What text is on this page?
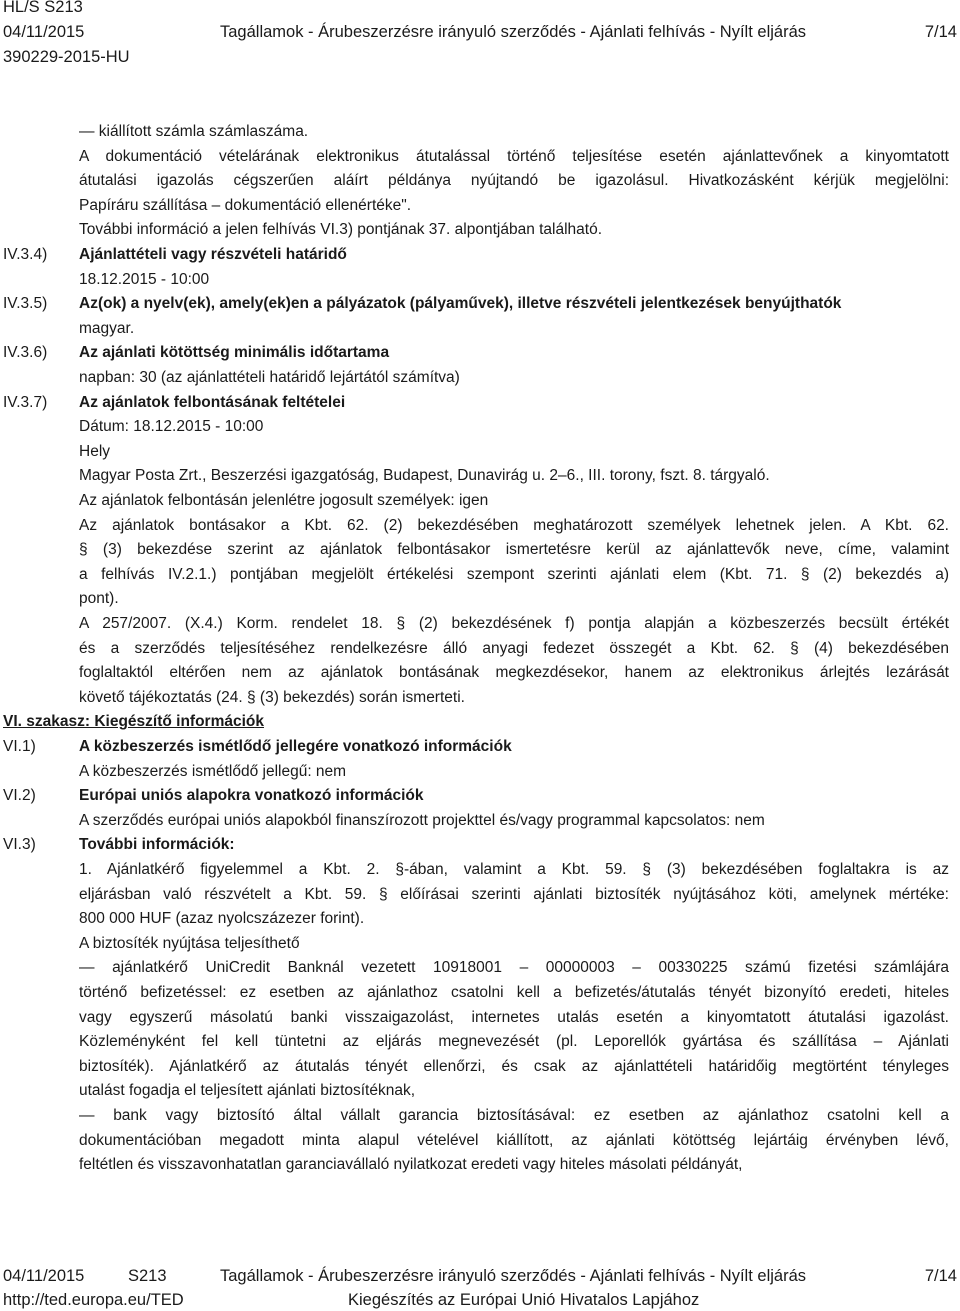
HL/S S213
04/11/2015	Tagállamok - Árubeszerzésre irányuló szerződés - Ajánlati felhívás - Nyílt eljárás	7/14
390229-2015-HU
— kiállított számla számlaszáma.
A dokumentáció vételárának elektronikus átutalással történő teljesítése esetén ajánlattevőnek a kinyomtatott
átutalási igazolás cégszerűen aláírt példánya nyújtandó be igazolásul. Hivatkozásként kérjük megjelölni:
Papíráru szállítása – dokumentáció ellenértéke".
További információ a jelen felhívás VI.3) pontjának 37. alpontjában található.
IV.3.4) Ajánlattételi vagy részvételi határidő
18.12.2015 - 10:00
IV.3.5) Az(ok) a nyelv(ek), amely(ek)en a pályázatok (pályaművek), illetve részvételi jelentkezések benyújthatók
magyar.
IV.3.6) Az ajánlati kötöttség minimális időtartama
napban: 30 (az ajánlattételi határidő lejártától számítva)
IV.3.7) Az ajánlatok felbontásának feltételei
Dátum: 18.12.2015 - 10:00
Hely
Magyar Posta Zrt., Beszerzési igazgatóság, Budapest, Dunavirág u. 2–6., III. torony, fszt. 8. tárgyaló.
Az ajánlatok felbontásán jelenlétre jogosult személyek: igen
Az ajánlatok bontásakor a Kbt. 62. (2) bekezdésében meghatározott személyek lehetnek jelen. A Kbt. 62.
§ (3) bekezdése szerint az ajánlatok felbontásakor ismertetésre kerül az ajánlattevők neve, címe, valamint
a felhívás IV.2.1.) pontjában megjelölt értékelési szempont szerinti ajánlati elem (Kbt. 71. § (2) bekezdés a)
pont).
A 257/2007. (X.4.) Korm. rendelet 18. § (2) bekezdésének f) pontja alapján a közbeszerzés becsült értékét
és a szerződés teljesítéséhez rendelkezésre álló anyagi fedezet összegét a Kbt. 62. § (4) bekezdésében
foglaltaktól eltérően nem az ajánlatok bontásának megkezdésekor, hanem az elektronikus árlejtés lezárását
követő tájékoztatás (24. § (3) bekezdés) során ismerteti.
VI. szakasz: Kiegészítő információk
VI.1)	A közbeszerzés ismétlődő jellegére vonatkozó információk
A közbeszerzés ismétlődő jellegű: nem
VI.2)	Európai uniós alapokra vonatkozó információk
A szerződés európai uniós alapokból finanszírozott projekttel és/vagy programmal kapcsolatos: nem
VI.3)	További információk:
1. Ajánlatkérő figyelemmel a Kbt. 2. §-ában, valamint a Kbt. 59. § (3) bekezdésében foglaltakra is az
eljárásban való részvételt a Kbt. 59. § előírásai szerinti ajánlati biztosíték nyújtásához köti, amelynek mértéke:
800 000 HUF (azaz nyolcszázezer forint).
A biztosíték nyújtása teljesíthető
— ajánlatkérő UniCredit Banknál vezetett 10918001 – 00000003 – 00330225 számú fizetési számlájára
történő befizetéssel: ez esetben az ajánlathoz csatolni kell a befizetés/átutalás tényét bizonyító eredeti, hiteles
vagy egyszerű másolatú banki visszaigazolást, internetes utalás esetén a kinyomtatott átutalási igazolást.
Közleményként fel kell tüntetni az eljárás megnevezését (pl. Leporellók gyártása és szállítása – Ajánlati
biztosíték). Ajánlatkérő az átutalás tényét ellenőrzi, és csak az ajánlattételi határidőig megtörtént tényleges
utalást fogadja el teljesített ajánlati biztosítéknak,
— bank vagy biztosító által vállalt garancia biztosításával: ez esetben az ajánlathoz csatolni kell a
dokumentációban megadott minta alapul vételével kiállított, az ajánlati kötöttség lejártáig érvényben lévő,
feltétlen és visszavonhatatlan garanciavállaló nyilatkozat eredeti vagy hiteles másolati példányát,
04/11/2015	S213	Tagállamok - Árubeszerzésre irányuló szerződés - Ajánlati felhívás - Nyílt eljárás	7/14
http://ted.europa.eu/TED	Kiegészítés az Európai Unió Hivatalos Lapjához
